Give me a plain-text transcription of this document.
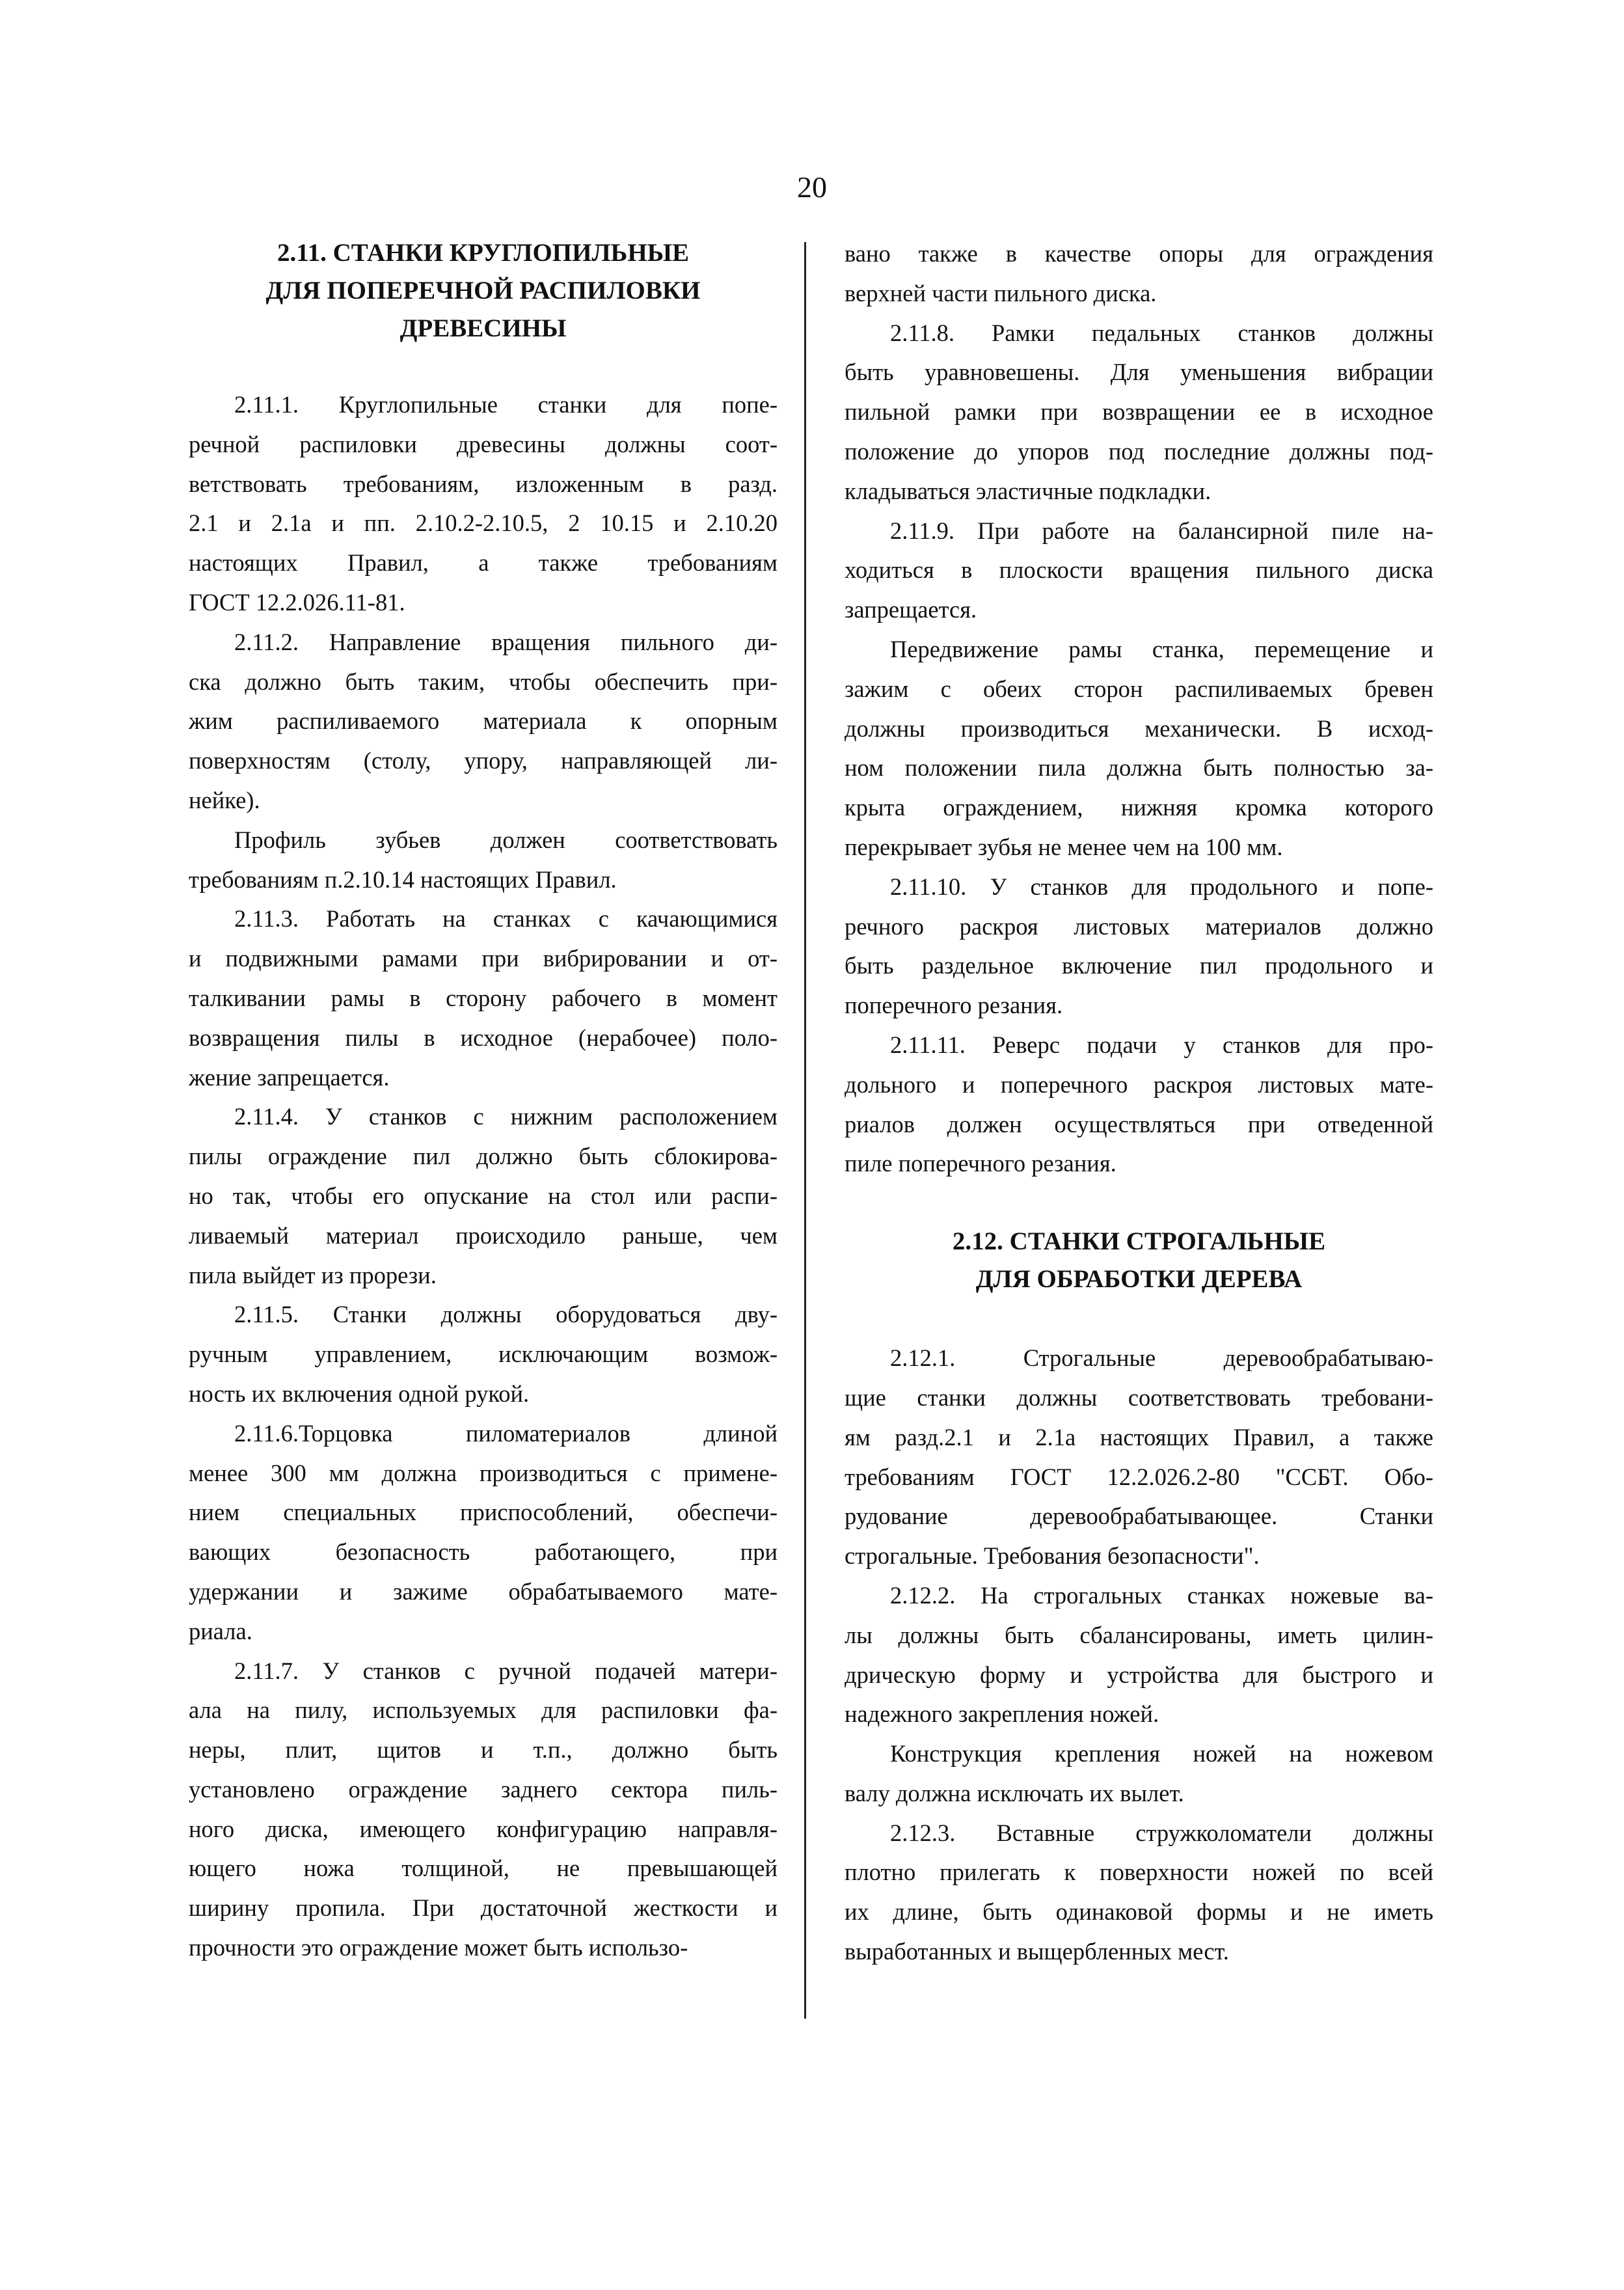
20
2.11. СТАНКИ КРУГЛОПИЛЬНЫЕ
ДЛЯ ПОПЕРЕЧНОЙ РАСПИЛОВКИ
ДРЕВЕСИНЫ

2.11.1. Круглопильные станки для попе-
речной распиловки древесины должны соот-
ветствовать требованиям, изложенным в разд.
2.1 и 2.1а и пп. 2.10.2-2.10.5, 2 10.15 и 2.10.20
настоящих Правил, а также требованиям
ГОСТ 12.2.026.11-81.

2.11.2. Направление вращения пильного ди-
ска должно быть таким, чтобы обеспечить при-
жим распиливаемого материала к опорным
поверхностям (столу, упору, направляющей ли-
нейке).

Профиль зубьев должен соответствовать
требованиям п.2.10.14 настоящих Правил.

2.11.3. Работать на станках с качающимися
и подвижными рамами при вибрировании и от-
талкивании рамы в сторону рабочего в момент
возвращения пилы в исходное (нерабочее) поло-
жение запрещается.

2.11.4. У станков с нижним расположением
пилы ограждение пил должно быть сблокирова-
но так, чтобы его опускание на стол или распи-
ливаемый материал происходило раньше, чем
пила выйдет из прорези.

2.11.5. Станки должны оборудоваться дву-
ручным управлением, исключающим возмож-
ность их включения одной рукой.

2.11.6.Торцовка пиломатериалов длиной
менее 300 мм должна производиться с примене-
нием специальных приспособлений, обеспечи-
вающих безопасность работающего, при
удержании и зажиме обрабатываемого мате-
риала.

2.11.7. У станков с ручной подачей матери-
ала на пилу, используемых для распиловки фа-
неры, плит, щитов и т.п., должно быть
установлено ограждение заднего сектора пиль-
ного диска, имеющего конфигурацию направля-
ющего ножа толщиной, не превышающей
ширину пропила. При достаточной жесткости и
прочности это ограждение может быть использо-

вано также в качестве опоры для ограждения
верхней части пильного диска.

2.11.8. Рамки педальных станков должны
быть уравновешены. Для уменьшения вибрации
пильной рамки при возвращении ее в исходное
положение до упоров под последние должны под-
кладываться эластичные подкладки.

2.11.9. При работе на балансирной пиле на-
ходиться в плоскости вращения пильного диска
запрещается.

Передвижение рамы станка, перемещение и
зажим с обеих сторон распиливаемых бревен
должны производиться механически. В исход-
ном положении пила должна быть полностью за-
крыта ограждением, нижняя кромка которого
перекрывает зубья не менее чем на 100 мм.

2.11.10. У станков для продольного и попе-
речного раскроя листовых материалов должно
быть раздельное включение пил продольного и
поперечного резания.

2.11.11. Реверс подачи у станков для про-
дольного и поперечного раскроя листовых мате-
риалов должен осуществляться при отведенной
пиле поперечного резания.

2.12. СТАНКИ СТРОГАЛЬНЫЕ
ДЛЯ ОБРАБОТКИ ДЕРЕВА

2.12.1. Строгальные деревообрабатываю-
щие станки должны соответствовать требовани-
ям разд.2.1 и 2.1а настоящих Правил, а также
требованиям ГОСТ 12.2.026.2-80 "ССБТ. Обо-
рудование деревообрабатывающее. Станки
строгальные. Требования безопасности".

2.12.2. На строгальных станках ножевые ва-
лы должны быть сбалансированы, иметь цилин-
дрическую форму и устройства для быстрого и
надежного закрепления ножей.

Конструкция крепления ножей на ножевом
валу должна исключать их вылет.

2.12.3. Вставные стружколоматели должны
плотно прилегать к поверхности ножей по всей
их длине, быть одинаковой формы и не иметь
выработанных и выщербленных мест.
